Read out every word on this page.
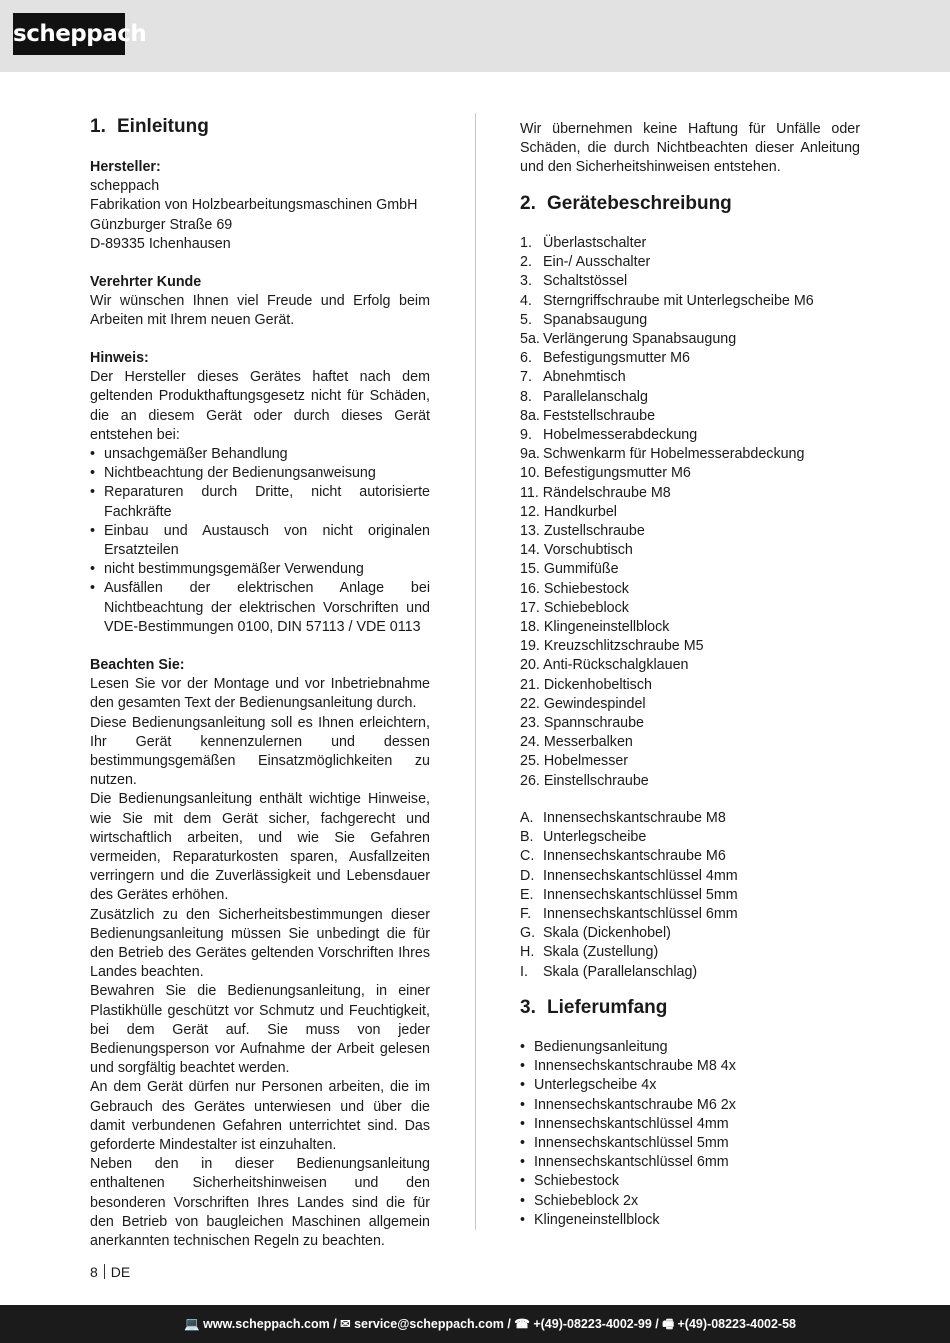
scheppach
1. Einleitung

Hersteller:

scheppach

Fabrikation von Holzbearbeitungsmaschinen GmbH

Günzburger Straße 69

D-89335 Ichenhausen

Verehrter Kunde

Wir wünschen Ihnen viel Freude und Erfolg beim Arbeiten mit Ihrem neuen Gerät.

Hinweis:

Der Hersteller dieses Gerätes haftet nach dem geltenden Produkthaftungsgesetz nicht für Schäden, die an diesem Gerät oder durch dieses Gerät entstehen bei:

• unsachgemäßer Behandlung
• Nichtbeachtung der Bedienungsanweisung
• Reparaturen durch Dritte, nicht autorisierte Fachkräfte
• Einbau und Austausch von nicht originalen Ersatzteilen
• nicht bestimmungsgemäßer Verwendung
• Ausfällen der elektrischen Anlage bei Nichtbeachtung der elektrischen Vorschriften und VDE-Bestimmungen 0100, DIN 57113 / VDE 0113

Beachten Sie:

Lesen Sie vor der Montage und vor Inbetriebnahme den gesamten Text der Bedienungsanleitung durch.

Diese Bedienungsanleitung soll es Ihnen erleichtern, Ihr Gerät kennenzulernen und dessen bestimmungsgemäßen Einsatzmöglichkeiten zu nutzen.

Die Bedienungsanleitung enthält wichtige Hinweise, wie Sie mit dem Gerät sicher, fachgerecht und wirtschaftlich arbeiten, und wie Sie Gefahren vermeiden, Reparaturkosten sparen, Ausfallzeiten verringern und die Zuverlässigkeit und Lebensdauer des Gerätes erhöhen.

Zusätzlich zu den Sicherheitsbestimmungen dieser Bedienungsanleitung müssen Sie unbedingt die für den Betrieb des Gerätes geltenden Vorschriften Ihres Landes beachten.

Bewahren Sie die Bedienungsanleitung, in einer Plastikhülle geschützt vor Schmutz und Feuchtigkeit, bei dem Gerät auf. Sie muss von jeder Bedienungsperson vor Aufnahme der Arbeit gelesen und sorgfältig beachtet werden.

An dem Gerät dürfen nur Personen arbeiten, die im Gebrauch des Gerätes unterwiesen und über die damit verbundenen Gefahren unterrichtet sind. Das geforderte Mindestalter ist einzuhalten.

Neben den in dieser Bedienungsanleitung enthaltenen Sicherheitshinweisen und den besonderen Vorschriften Ihres Landes sind die für den Betrieb von baugleichen Maschinen allgemein anerkannten technischen Regeln zu beachten.

Wir übernehmen keine Haftung für Unfälle oder Schäden, die durch Nichtbeachten dieser Anleitung und den Sicherheitshinweisen entstehen.
2. Gerätebeschreibung
1. Überlastschalter
2. Ein-/ Ausschalter
3. Schaltstössel
4. Sterngriffschraube mit Unterlegscheibe M6
5. Spanabsaugung
5a. Verlängerung Spanabsaugung
6. Befestigungsmutter M6
7. Abnehmtisch
8. Parallelanschalg
8a. Feststellschraube
9. Hobelmesserabdeckung
9a. Schwenkarm für Hobelmesserabdeckung
10. Befestigungsmutter M6
11. Rändelschraube M8
12. Handkurbel
13. Zustellschraube
14. Vorschubtisch
15. Gummifüße
16. Schiebestock
17. Schiebeblock
18. Klingeneinstellblock
19. Kreuzschlitzschraube M5
20. Anti-Rückschalgklauen
21. Dickenhobeltisch
22. Gewindespindel
23. Spannschraube
24. Messerbalken
25. Hobelmesser
26. Einstellschraube
A. Innensechskantschraube M8
B. Unterlegscheibe
C. Innensechskantschraube M6
D. Innensechskantschlüssel 4mm
E. Innensechskantschlüssel 5mm
F. Innensechskantschlüssel 6mm
G. Skala (Dickenhobel)
H. Skala (Zustellung)
I. Skala (Parallelanschlag)
3. Lieferumfang
• Bedienungsanleitung
• Innensechskantschraube M8 4x
• Unterlegscheibe 4x
• Innensechskantschraube M6 2x
• Innensechskantschlüssel 4mm
• Innensechskantschlüssel 5mm
• Innensechskantschlüssel 6mm
• Schiebestock
• Schiebeblock 2x
• Klingeneinstellblock
8 DE
💻 www.scheppach.com / ✉ service@scheppach.com / ☎ +(49)-08223-4002-99 / 🖷 +(49)-08223-4002-58
